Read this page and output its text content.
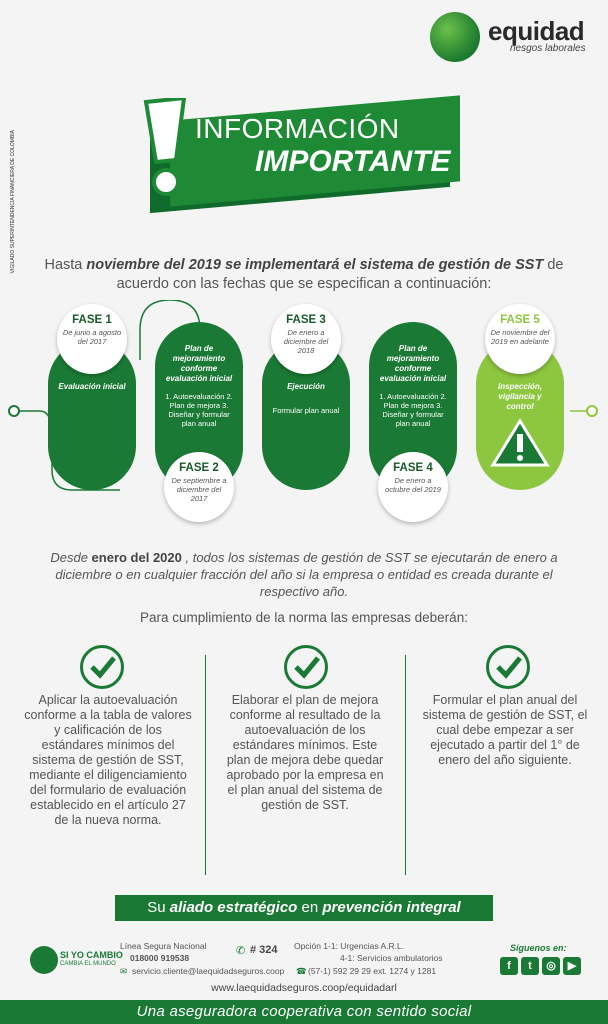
VIGILADO SUPERINTENDENCIA FINANCIERA DE COLOMBIA
equidad
riesgos laborales
INFORMACIÓN
IMPORTANTE
Hasta noviembre del 2019 se implementará el sistema de gestión de SST de acuerdo con las fechas que se especifican a continuación:
Evaluación inicial
FASE 1
De junio a agosto del 2017
Plan de mejoramiento conforme evaluación inicial
1. Autoevaluación 2. Plan de mejora 3. Diseñar y formular plan anual
FASE 2
De septiembre a diciembre del 2017
Ejecución
Formular plan anual
FASE 3
De enero a diciembre del 2018	Plan de mejoramiento conforme evaluación inicial
1. Autoevaluación 2. Plan de mejora 3. Diseñar y formular plan anual
FASE 4
De enero a octubre del 2019
Inspección, vigilancia y control
FASE 5
De noviembre del 2019 en adelante
Desde enero del 2020 , todos los sistemas de gestión de SST se ejecutarán de enero a diciembre o en cualquier fracción del año si la empresa o entidad es creada durante el respectivo año.
Para cumplimiento de la norma las empresas deberán:
Aplicar la autoevaluación conforme a la tabla de valores y calificación de los estándares mínimos del sistema de gestión de SST, mediante el diligenciamiento del formulario de evaluación establecido en el artículo 27 de la nueva norma.
Elaborar el plan de mejora conforme al resultado de la autoevaluación de los estándares mínimos. Este plan de mejora debe quedar aprobado por la empresa en el plan anual del sistema de gestión de SST.
Formular el plan anual del sistema de gestión de SST, el cual debe empezar a ser ejecutado a partir del 1° de enero del año siguiente.
Su aliado estratégico en prevención integral
SI YO CAMBIO
CAMBIA EL MUNDO
Línea Segura Nacional
018000 919538
✉ servicio.cliente@laequidadseguros.coop
✆ # 324 Opción 1-1: Urgencias A.R.L.
4-1: Servicios ambulatorios
☎ (57-1) 592 29 29 ext. 1274 y 1281
Síguenos en:
f	t	◎	▶
www.laequidadseguros.coop/equidadarl
Una aseguradora cooperativa con sentido social
